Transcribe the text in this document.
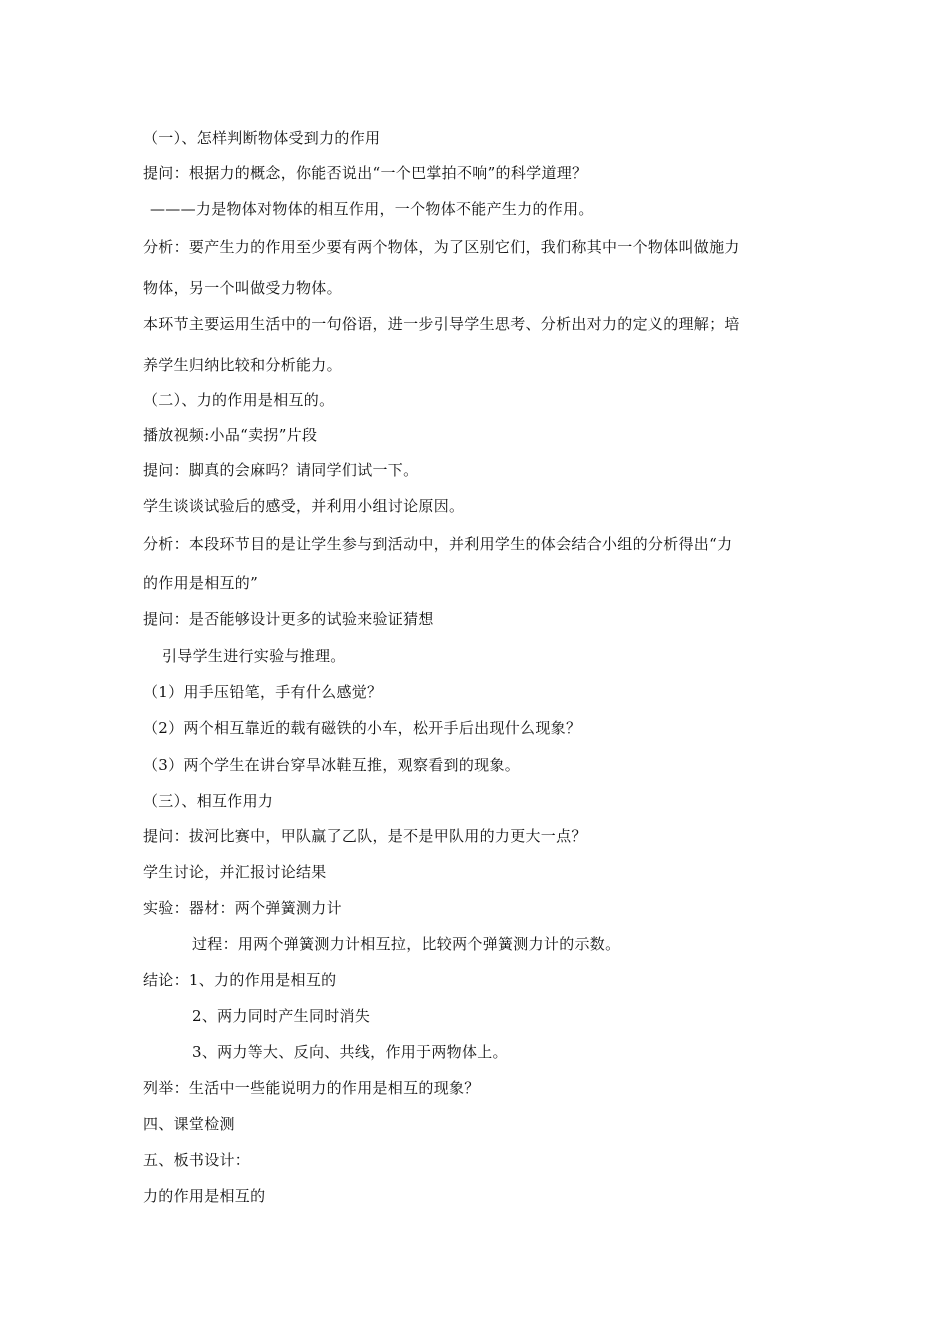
（一）、怎样判断物体受到力的作用
提问：根据力的概念，你能否说出“一个巴掌拍不响”的科学道理？
———力是物体对物体的相互作用，一个物体不能产生力的作用。
分析：要产生力的作用至少要有两个物体，为了区别它们，我们称其中一个物体叫做施力
物体，另一个叫做受力物体。
本环节主要运用生活中的一句俗语，进一步引导学生思考、分析出对力的定义的理解；培
养学生归纳比较和分析能力。
（二）、力的作用是相互的。
播放视频:小品“卖拐”片段
提问：脚真的会麻吗？请同学们试一下。
学生谈谈试验后的感受，并利用小组讨论原因。
分析：本段环节目的是让学生参与到活动中，并利用学生的体会结合小组的分析得出“力
的作用是相互的”
提问：是否能够设计更多的试验来验证猜想
引导学生进行实验与推理。
（1）用手压铅笔，手有什么感觉？
（2）两个相互靠近的载有磁铁的小车，松开手后出现什么现象？
（3）两个学生在讲台穿旱冰鞋互推，观察看到的现象。
（三）、相互作用力
提问：拔河比赛中，甲队赢了乙队，是不是甲队用的力更大一点？
学生讨论，并汇报讨论结果
实验：器材：两个弹簧测力计
过程：用两个弹簧测力计相互拉，比较两个弹簧测力计的示数。
结论：1、力的作用是相互的
2、两力同时产生同时消失
3、两力等大、反向、共线，作用于两物体上。
列举：生活中一些能说明力的作用是相互的现象？
四、课堂检测
五、板书设计：
力的作用是相互的
